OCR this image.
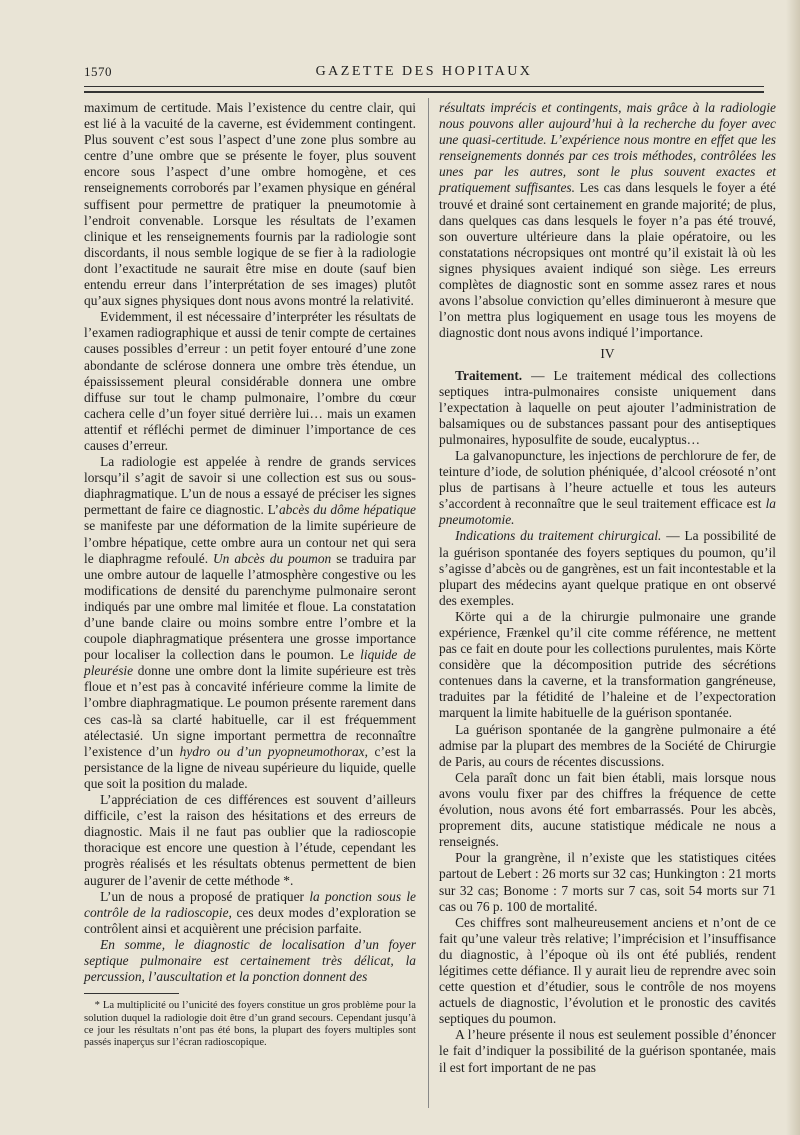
1570	GAZETTE DES HOPITAUX

maximum de certitude. Mais l’existence du centre clair, qui est lié à la vacuité de la caverne, est évidemment contingent. Plus souvent c’est sous l’aspect d’une zone plus sombre au centre d’une ombre que se présente le foyer, plus souvent encore sous l’aspect d’une ombre homogène, et ces renseignements corroborés par l’examen physique en général suffisent pour permettre de pratiquer la pneumotomie à l’endroit convenable. Lorsque les résultats de l’examen clinique et les renseignements fournis par la radiologie sont discordants, il nous semble logique de se fier à la radiologie dont l’exactitude ne saurait être mise en doute (sauf bien entendu erreur dans l’interprétation de ses images) plutôt qu’aux signes physiques dont nous avons montré la relativité.

Evidemment, il est nécessaire d’interpréter les résultats de l’examen radiographique et aussi de tenir compte de certaines causes possibles d’erreur : un petit foyer entouré d’une zone abondante de sclérose donnera une ombre très étendue, un épaississement pleural considérable donnera une ombre diffuse sur tout le champ pulmonaire, l’ombre du cœur cachera celle d’un foyer situé derrière lui… mais un examen attentif et réfléchi permet de diminuer l’importance de ces causes d’erreur.

La radiologie est appelée à rendre de grands services lorsqu’il s’agit de savoir si une collection est sus ou sous-diaphragmatique. L’un de nous a essayé de préciser les signes permettant de faire ce diagnostic. L’abcès du dôme hépatique se manifeste par une déformation de la limite supérieure de l’ombre hépatique, cette ombre aura un contour net qui sera le diaphragme refoulé. Un abcès du poumon se traduira par une ombre autour de laquelle l’atmosphère congestive ou les modifications de densité du parenchyme pulmonaire seront indiqués par une ombre mal limitée et floue. La constatation d’une bande claire ou moins sombre entre l’ombre et la coupole diaphragmatique présentera une grosse importance pour localiser la collection dans le poumon. Le liquide de pleurésie donne une ombre dont la limite supérieure est très floue et n’est pas à concavité inférieure comme la limite de l’ombre diaphragmatique. Le poumon présente rarement dans ces cas-là sa clarté habituelle, car il est fréquemment atélectasié. Un signe important permettra de reconnaître l’existence d’un hydro ou d’un pyopneumothorax, c’est la persistance de la ligne de niveau supérieure du liquide, quelle que soit la position du malade.

L’appréciation de ces différences est souvent d’ailleurs difficile, c’est la raison des hésitations et des erreurs de diagnostic. Mais il ne faut pas oublier que la radioscopie thoracique est encore une question à l’étude, cependant les progrès réalisés et les résultats obtenus permettent de bien augurer de l’avenir de cette méthode *.

L’un de nous a proposé de pratiquer la ponction sous le contrôle de la radioscopie, ces deux modes d’exploration se contrôlent ainsi et acquièrent une précision parfaite.

En somme, le diagnostic de localisation d’un foyer septique pulmonaire est certainement très délicat, la percussion, l’auscultation et la ponction donnent des

* La multiplicité ou l’unicité des foyers constitue un gros problème pour la solution duquel la radiologie doit être d’un grand secours. Cependant jusqu’à ce jour les résultats n’ont pas été bons, la plupart des foyers multiples sont passés inaperçus sur l’écran radioscopique.

résultats imprécis et contingents, mais grâce à la radiologie nous pouvons aller aujourd’hui à la recherche du foyer avec une quasi-certitude. L’expérience nous montre en effet que les renseignements donnés par ces trois méthodes, contrôlées les unes par les autres, sont le plus souvent exactes et pratiquement suffisantes. Les cas dans lesquels le foyer a été trouvé et drainé sont certainement en grande majorité; de plus, dans quelques cas dans lesquels le foyer n’a pas été trouvé, son ouverture ultérieure dans la plaie opératoire, ou les constatations nécropsiques ont montré qu’il existait là où les signes physiques avaient indiqué son siège. Les erreurs complètes de diagnostic sont en somme assez rares et nous avons l’absolue conviction qu’elles diminueront à mesure que l’on mettra plus logiquement en usage tous les moyens de diagnostic dont nous avons indiqué l’importance.

IV

Traitement. — Le traitement médical des collections septiques intra-pulmonaires consiste uniquement dans l’expectation à laquelle on peut ajouter l’administration de balsamiques ou de substances passant pour des antiseptiques pulmonaires, hyposulfite de soude, eucalyptus…

La galvanopuncture, les injections de perchlorure de fer, de teinture d’iode, de solution phéniquée, d’alcool créosoté n’ont plus de partisans à l’heure actuelle et tous les auteurs s’accordent à reconnaître que le seul traitement efficace est la pneumotomie.

Indications du traitement chirurgical. — La possibilité de la guérison spontanée des foyers septiques du poumon, qu’il s’agisse d’abcès ou de gangrènes, est un fait incontestable et la plupart des médecins ayant quelque pratique en ont observé des exemples.

Körte qui a de la chirurgie pulmonaire une grande expérience, Frænkel qu’il cite comme référence, ne mettent pas ce fait en doute pour les collections purulentes, mais Körte considère que la décomposition putride des sécrétions contenues dans la caverne, et la transformation gangréneuse, traduites par la fétidité de l’haleine et de l’expectoration marquent la limite habituelle de la guérison spontanée.

La guérison spontanée de la gangrène pulmonaire a été admise par la plupart des membres de la Société de Chirurgie de Paris, au cours de récentes discussions.

Cela paraît donc un fait bien établi, mais lorsque nous avons voulu fixer par des chiffres la fréquence de cette évolution, nous avons été fort embarrassés. Pour les abcès, proprement dits, aucune statistique médicale ne nous a renseignés.

Pour la grangrène, il n’existe que les statistiques citées partout de Lebert : 26 morts sur 32 cas; Hunkington : 21 morts sur 32 cas; Bonome : 7 morts sur 7 cas, soit 54 morts sur 71 cas ou 76 p. 100 de mortalité.

Ces chiffres sont malheureusement anciens et n’ont de ce fait qu’une valeur très relative; l’imprécision et l’insuffisance du diagnostic, à l’époque où ils ont été publiés, rendent légitimes cette défiance. Il y aurait lieu de reprendre avec soin cette question et d’étudier, sous le contrôle de nos moyens actuels de diagnostic, l’évolution et le pronostic des cavités septiques du poumon.

A l’heure présente il nous est seulement possible d’énoncer le fait d’indiquer la possibilité de la guérison spontanée, mais il est fort important de ne pas
